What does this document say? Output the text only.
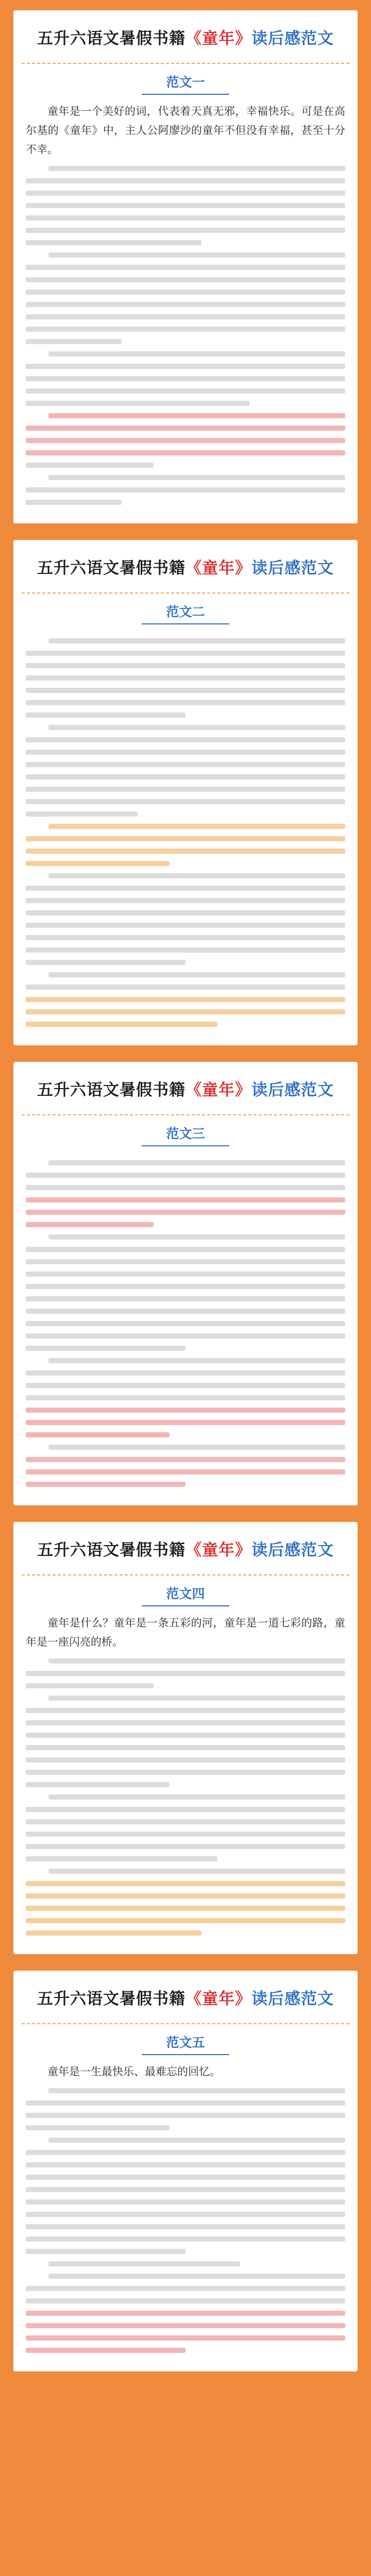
五升六语文暑假书籍《童年》读后感范文
范文一

童年是一个美好的词，代表着天真无邪，幸福快乐。可是在高尔基的《童年》中，主人公阿廖沙的童年不但没有幸福，甚至十分不幸。

五升六语文暑假书籍《童年》读后感范文
范文二
五升六语文暑假书籍《童年》读后感范文
范文三
五升六语文暑假书籍《童年》读后感范文
范文四

童年是什么？童年是一条五彩的河，童年是一道七彩的路，童年是一座闪亮的桥。

五升六语文暑假书籍《童年》读后感范文
范文五

童年是一生最快乐、最难忘的回忆。
